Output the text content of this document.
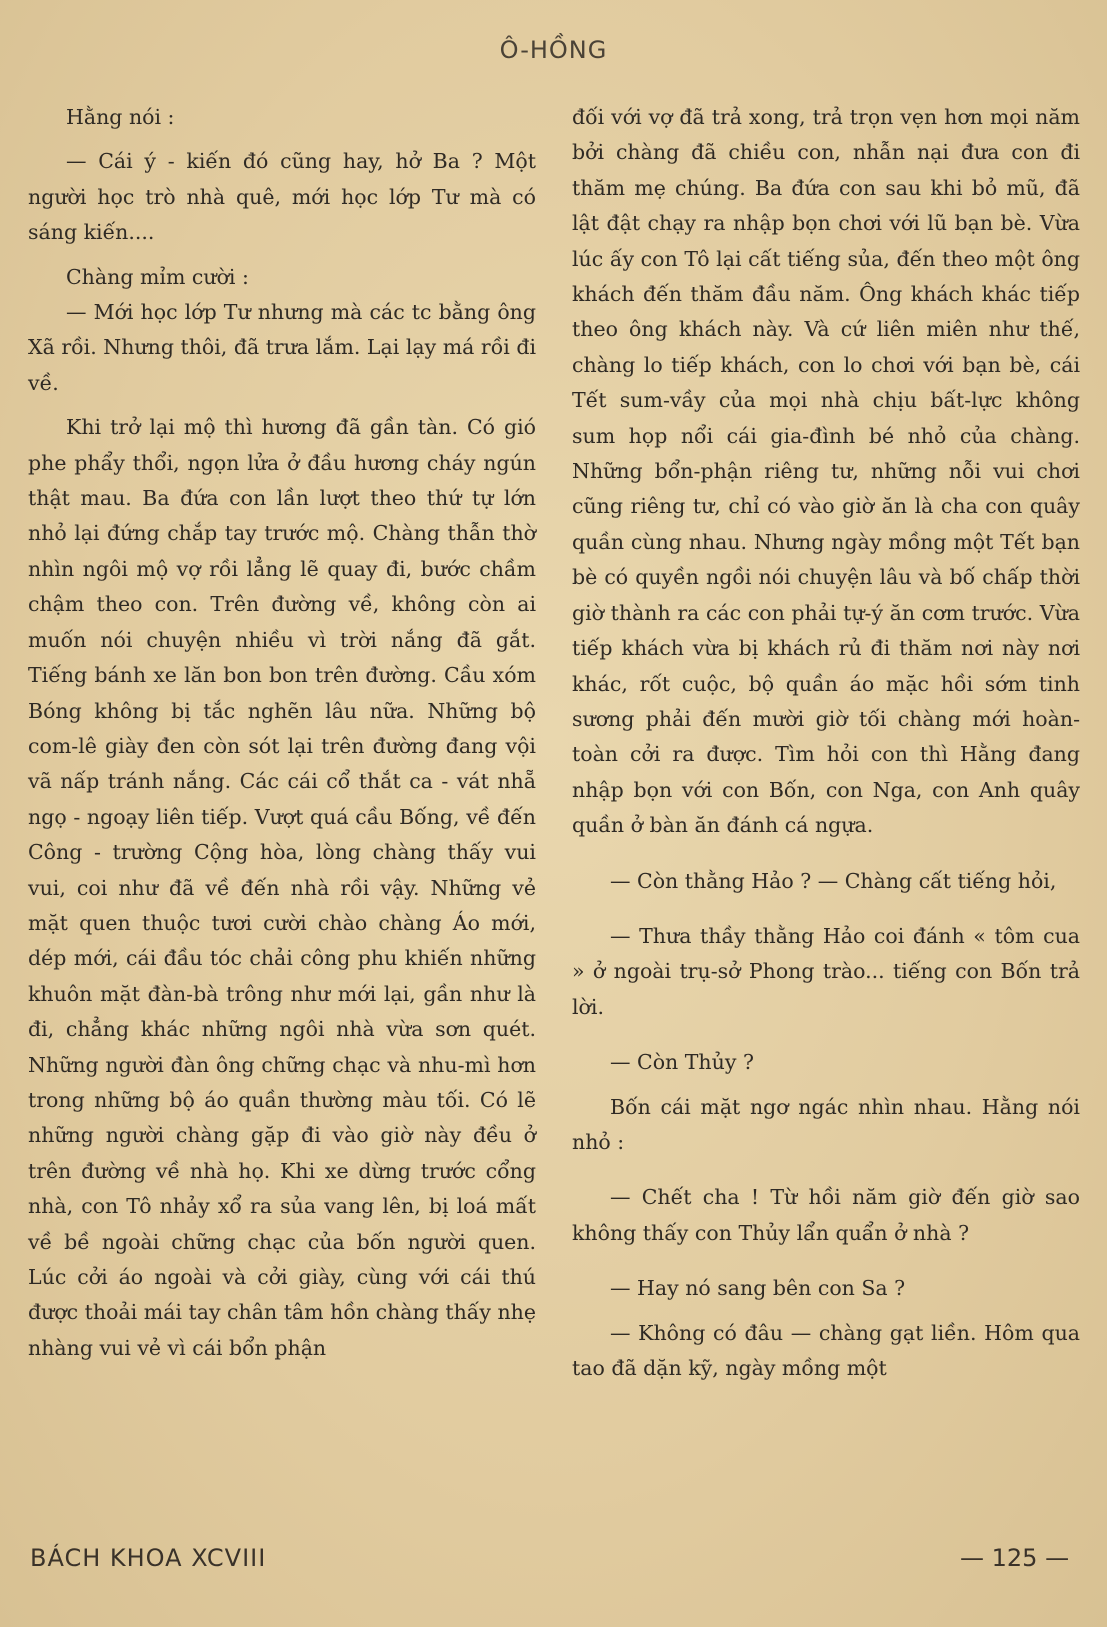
Ô-HỒNG

Hằng nói :

— Cái ý - kiến đó cũng hay, hở Ba ? Một người học trò nhà quê, mới học lớp Tư mà có sáng kiến....

Chàng mỉm cười :

— Mới học lớp Tư nhưng mà các tc bằng ông Xã rồi. Nhưng thôi, đã trưa lắm. Lại lạy má rồi đi về.

Khi trở lại mộ thì hương đã gần tàn. Có gió phe phẩy thổi, ngọn lửa ở đầu hương cháy ngún thật mau. Ba đứa con lần lượt theo thứ tự lớn nhỏ lại đứng chắp tay trước mộ. Chàng thẫn thờ nhìn ngôi mộ vợ rồi lẳng lẽ quay đi, bước chầm chậm theo con. Trên đường về, không còn ai muốn nói chuyện nhiều vì trời nắng đã gắt. Tiếng bánh xe lăn bon bon trên đường. Cầu xóm Bóng không bị tắc nghẽn lâu nữa. Những bộ com-lê giày đen còn sót lại trên đường đang vội vã nấp tránh nắng. Các cái cổ thắt ca - vát nhẵ ngọ - ngoạy liên tiếp. Vượt quá cầu Bống, về đến Công - trường Cộng hòa, lòng chàng thấy vui vui, coi như đã về đến nhà rồi vậy. Những vẻ mặt quen thuộc tươi cười chào chàng Áo mới, dép mới, cái đầu tóc chải công phu khiến những khuôn mặt đàn-bà trông như mới lại, gần như là đi, chẳng khác những ngôi nhà vừa sơn quét. Những người đàn ông chững chạc và nhu-mì hơn trong những bộ áo quần thường màu tối. Có lẽ những người chàng gặp đi vào giờ này đều ở trên đường về nhà họ. Khi xe dừng trước cổng nhà, con Tô nhảy xổ ra sủa vang lên, bị loá mất về bề ngoài chững chạc của bốn người quen. Lúc cởi áo ngoài và cởi giày, cùng với cái thú được thoải mái tay chân tâm hồn chàng thấy nhẹ nhàng vui vẻ vì cái bổn phận

đối với vợ đã trả xong, trả trọn vẹn hơn mọi năm bởi chàng đã chiều con, nhẫn nại đưa con đi thăm mẹ chúng. Ba đứa con sau khi bỏ mũ, đã lật đật chạy ra nhập bọn chơi với lũ bạn bè. Vừa lúc ấy con Tô lại cất tiếng sủa, đến theo một ông khách đến thăm đầu năm. Ông khách khác tiếp theo ông khách này. Và cứ liên miên như thế, chàng lo tiếp khách, con lo chơi với bạn bè, cái Tết sum-vầy của mọi nhà chịu bất-lực không sum họp nổi cái gia-đình bé nhỏ của chàng. Những bổn-phận riêng tư, những nỗi vui chơi cũng riêng tư, chỉ có vào giờ ăn là cha con quây quần cùng nhau. Nhưng ngày mồng một Tết bạn bè có quyền ngồi nói chuyện lâu và bố chấp thời giờ thành ra các con phải tự-ý ăn cơm trước. Vừa tiếp khách vừa bị khách rủ đi thăm nơi này nơi khác, rốt cuộc, bộ quần áo mặc hồi sớm tinh sương phải đến mười giờ tối chàng mới hoàn-toàn cởi ra được. Tìm hỏi con thì Hằng đang nhập bọn với con Bốn, con Nga, con Anh quây quần ở bàn ăn đánh cá ngựa.

— Còn thằng Hảo ? — Chàng cất tiếng hỏi,

— Thưa thầy thằng Hảo coi đánh « tôm cua » ở ngoài trụ-sở Phong trào... tiếng con Bốn trả lời.

— Còn Thủy ?

Bốn cái mặt ngơ ngác nhìn nhau. Hằng nói nhỏ :

— Chết cha ! Từ hồi năm giờ đến giờ sao không thấy con Thủy lẩn quẩn ở nhà ?

— Hay nó sang bên con Sa ?

— Không có đâu — chàng gạt liền. Hôm qua tao đã dặn kỹ, ngày mồng một

BÁCH KHOA XCVIII	— 125 —
